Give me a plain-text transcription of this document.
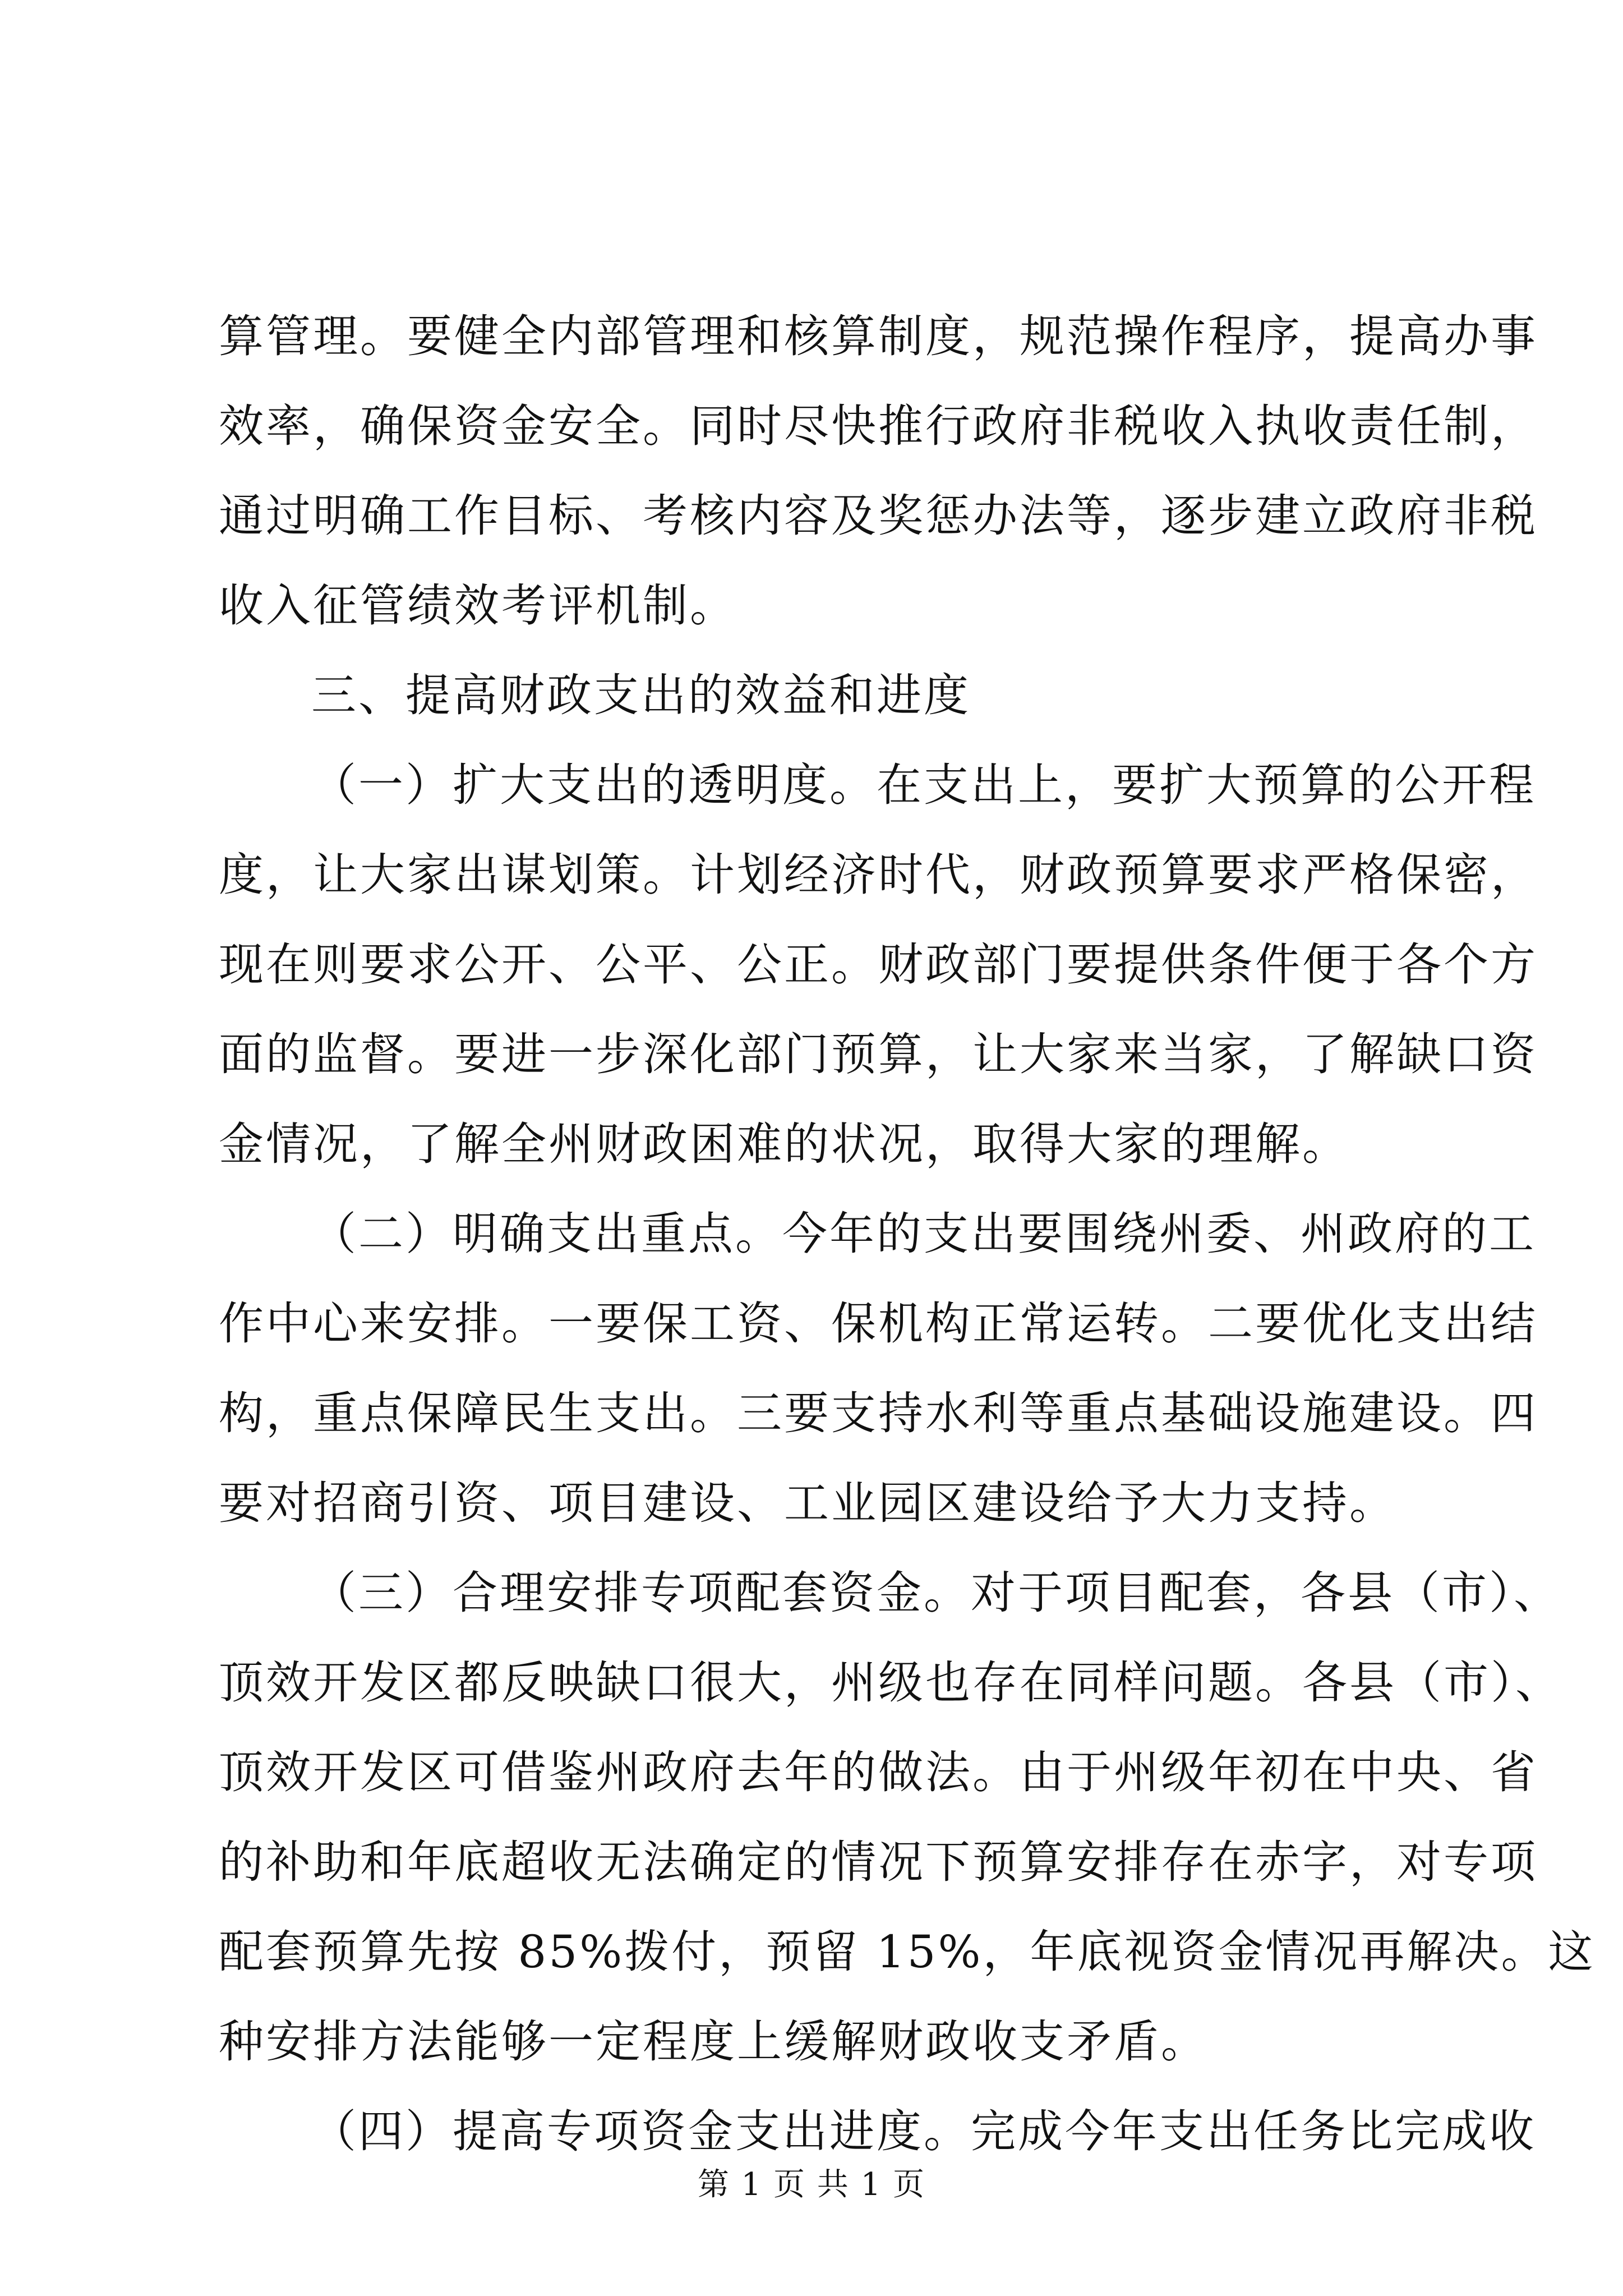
算管理。要健全内部管理和核算制度，规范操作程序，提高办事
效率，确保资金安全。同时尽快推行政府非税收入执收责任制，
通过明确工作目标、考核内容及奖惩办法等，逐步建立政府非税
收入征管绩效考评机制。
三、提高财政支出的效益和进度
（一）扩大支出的透明度。在支出上，要扩大预算的公开程
度，让大家出谋划策。计划经济时代，财政预算要求严格保密，
现在则要求公开、公平、公正。财政部门要提供条件便于各个方
面的监督。要进一步深化部门预算，让大家来当家，了解缺口资
金情况，了解全州财政困难的状况，取得大家的理解。
（二）明确支出重点。今年的支出要围绕州委、州政府的工
作中心来安排。一要保工资、保机构正常运转。二要优化支出结
构，重点保障民生支出。三要支持水利等重点基础设施建设。四
要对招商引资、项目建设、工业园区建设给予大力支持。
（三）合理安排专项配套资金。对于项目配套，各县（市）、
顶效开发区都反映缺口很大，州级也存在同样问题。各县（市）、
顶效开发区可借鉴州政府去年的做法。由于州级年初在中央、省
的补助和年底超收无法确定的情况下预算安排存在赤字，对专项
配套预算先按 85%拨付，预留 15%，年底视资金情况再解决。这
种安排方法能够一定程度上缓解财政收支矛盾。
（四）提高专项资金支出进度。完成今年支出任务比完成收
第 1 页 共 1 页
